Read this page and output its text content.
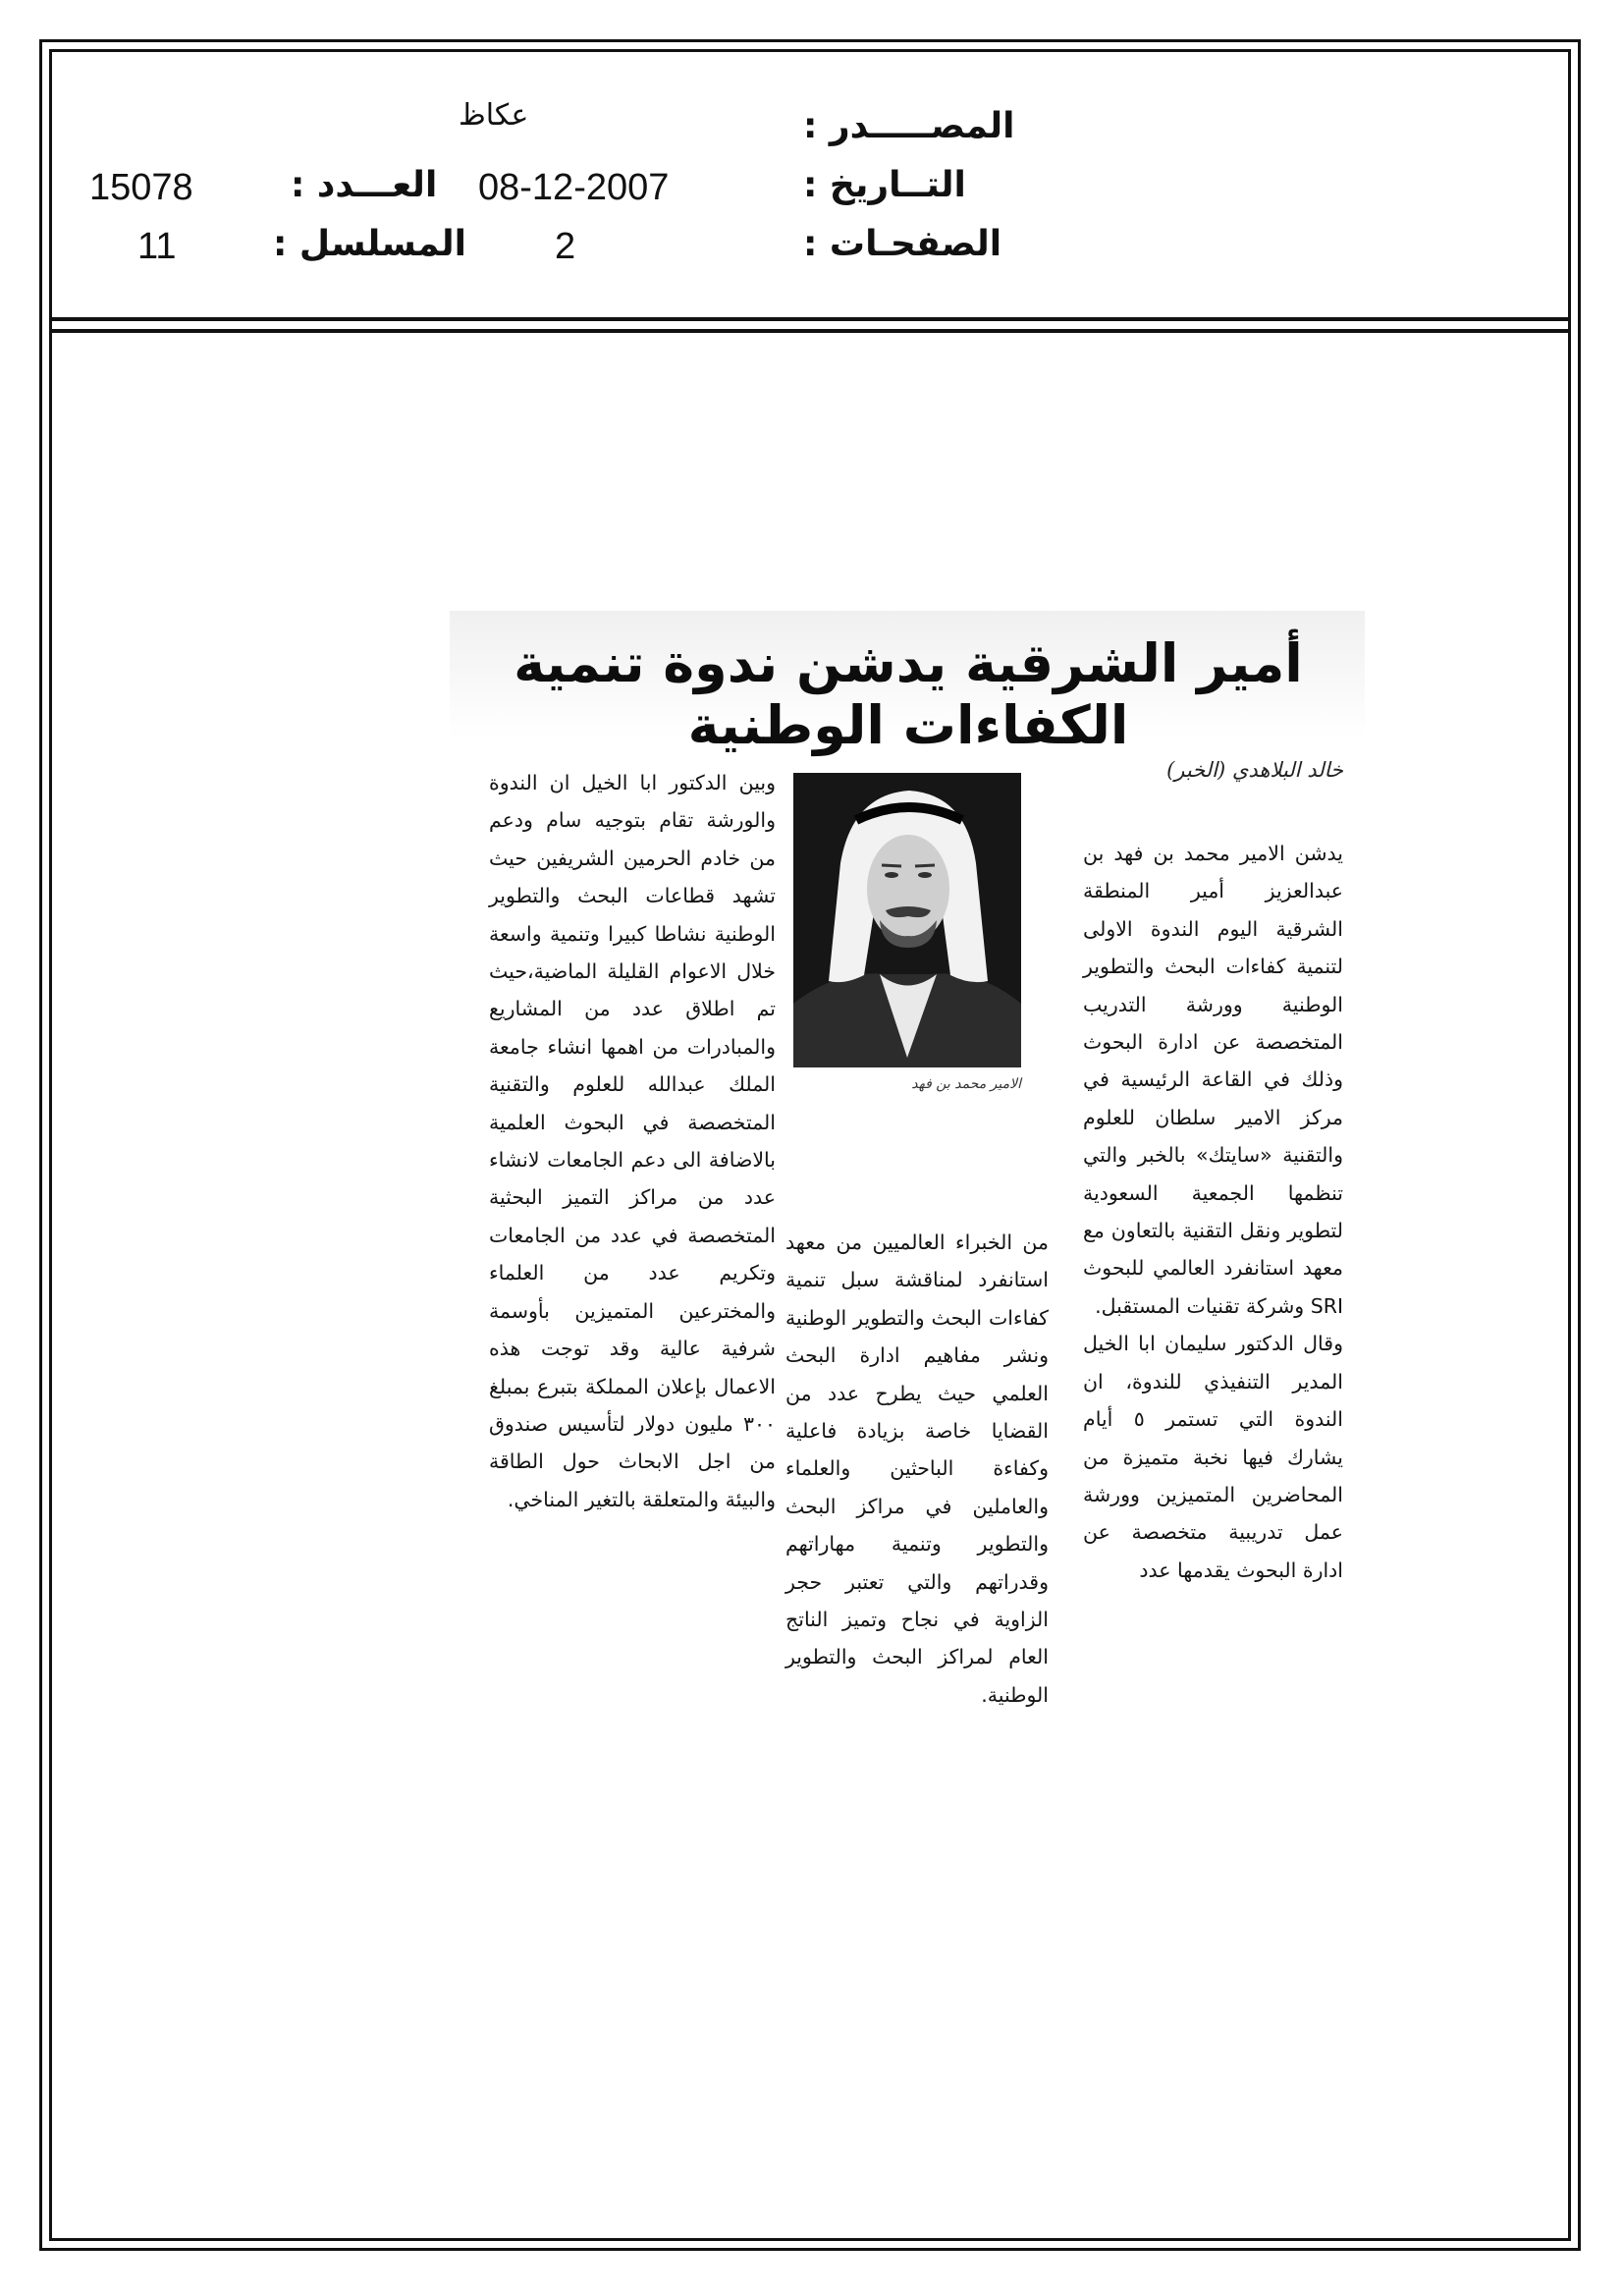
المصـــــدر :
عكاظ
التــاريخ :
08-12-2007
العـــدد :
15078
الصفحـات :
2
المسلسل :
11
أمير الشرقية يدشن ندوة تنمية الكفاءات الوطنية
خالد البلاهدي (الخبر)

يدشن الامير محمد بن فهد بن عبدالعزيز أمير المنطقة الشرقية اليوم الندوة الاولى لتنمية كفاءات البحث والتطوير الوطنية وورشة التدريب المتخصصة عن ادارة البحوث وذلك في القاعة الرئيسية في مركز الامير سلطان للعلوم والتقنية «سايتك» بالخبر والتي تنظمها الجمعية السعودية لتطوير ونقل التقنية بالتعاون مع معهد استانفرد العالمي للبحوث SRI وشركة تقنيات المستقبل.

وقال الدكتور سليمان ابا الخيل المدير التنفيذي للندوة، ان الندوة التي تستمر ٥ أيام يشارك فيها نخبة متميزة من المحاضرين المتميزين وورشة عمل تدريبية متخصصة عن ادارة البحوث يقدمها عدد

الامير محمد بن فهد

من الخبراء العالميين من معهد استانفرد لمناقشة سبل تنمية كفاءات البحث والتطوير الوطنية ونشر مفاهيم ادارة البحث العلمي حيث يطرح عدد من القضايا خاصة بزيادة فاعلية وكفاءة الباحثين والعلماء والعاملين في مراكز البحث والتطوير وتنمية مهاراتهم وقدراتهم والتي تعتبر حجر الزاوية في نجاح وتميز الناتج العام لمراكز البحث والتطوير الوطنية.

وبين الدكتور ابا الخيل ان الندوة والورشة تقام بتوجيه سام ودعم من خادم الحرمين الشريفين حيث تشهد قطاعات البحث والتطوير الوطنية نشاطا كبيرا وتنمية واسعة خلال الاعوام القليلة الماضية،حيث تم اطلاق عدد من المشاريع والمبادرات من اهمها انشاء جامعة الملك عبدالله للعلوم والتقنية المتخصصة في البحوث العلمية بالاضافة الى دعم الجامعات لانشاء عدد من مراكز التميز البحثية المتخصصة في عدد من الجامعات وتكريم عدد من العلماء والمخترعين المتميزين بأوسمة شرفية عالية وقد توجت هذه الاعمال بإعلان المملكة بتبرع بمبلغ ٣٠٠ مليون دولار لتأسيس صندوق من اجل الابحاث حول الطاقة والبيئة والمتعلقة بالتغير المناخي.
